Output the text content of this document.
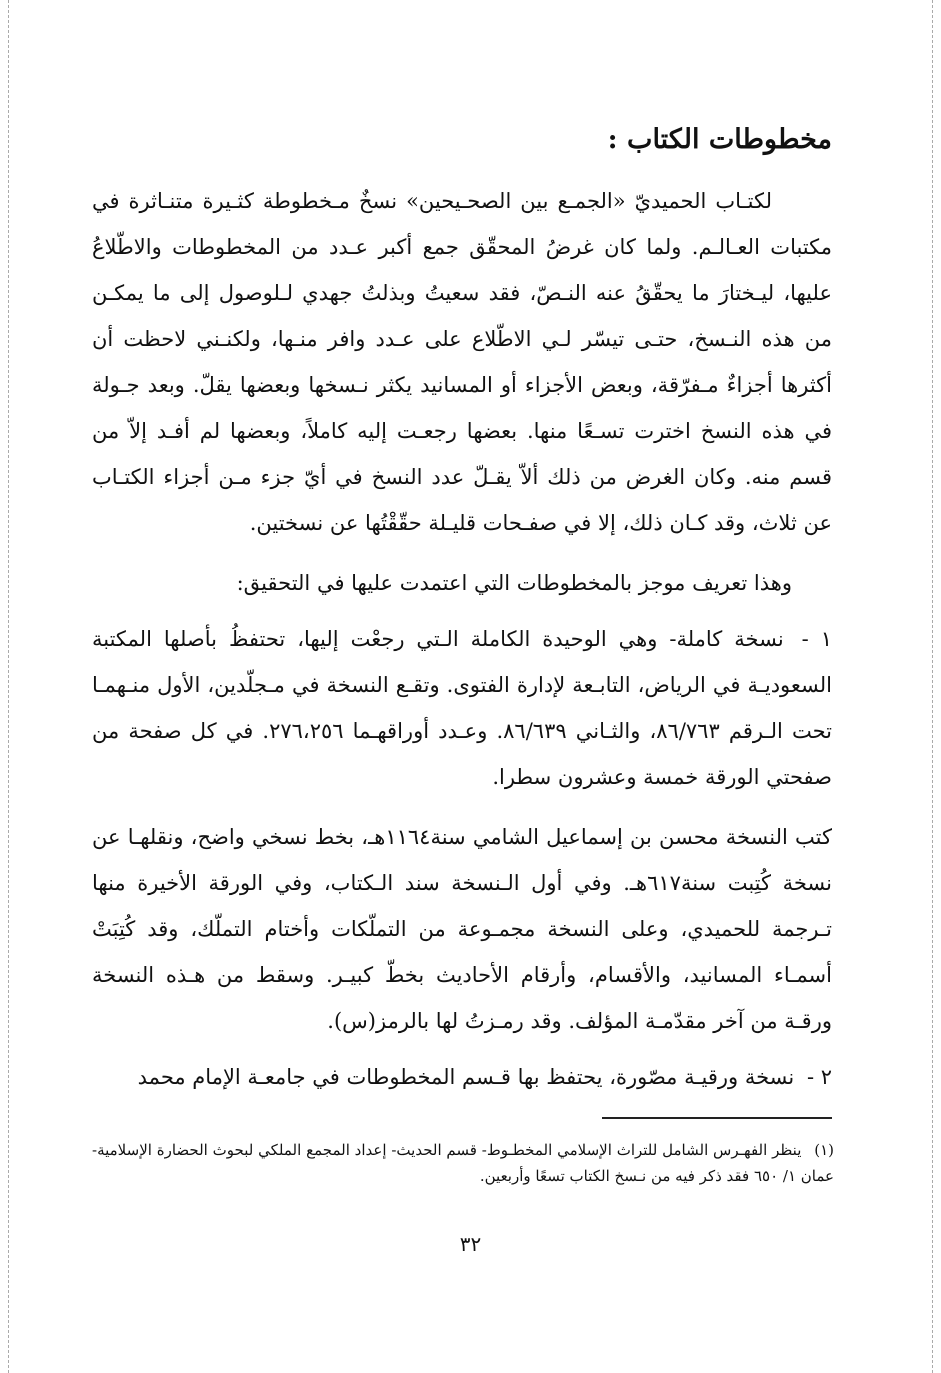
مخطوطات الكتاب :

لكتـاب الحميديّ «الجمـع بين الصحـيحين» نسخٌ مـخطوطة كثـيرة متنـاثرة في مكتبات العـالـم. ولما كان غرضُ المحقّق جمع أكبر عـدد من المخطوطات والاطّلاعُ عليها، ليـختارَ ما يحقّقُ عنه النـصّ، فقد سعيتُ وبذلتُ جهدي لـلوصول إلى ما يمكـن من هذه النـسخ، حتـى تيسّر لـي الاطّلاع على عـدد وافر منـها، ولكنـني لاحظت أن أكثرها أجزاءٌ مـفرّقة، وبعض الأجزاء أو المسانيد يكثر نـسخها وبعضها يقلّ. وبعد جـولة في هذه النسخ اخترت تسـعًا منها. بعضها رجعـت إليه كاملاً، وبعضها لم أفـد إلاّ من قسم منه. وكان الغرض من ذلك ألاّ يقـلّ عدد النسخ في أيّ جزء مـن أجزاء الكتـاب عن ثلاث، وقد كـان ذلك، إلا في صفـحات قليـلة حقّقْتُها عن نسختين.

وهذا تعريف موجز بالمخطوطات التي اعتمدت عليها في التحقيق:

١ - نسخة كاملة- وهي الوحيدة الكاملة الـتي رجعْت إليها، تحتفظُ بأصلها المكتبة السعوديـة في الرياض، التابـعة لإدارة الفتوى. وتقـع النسخة في مـجلّدين، الأول منـهمـا تحت الـرقم ٨٦/٧٦٣، والثـاني ٨٦/٦٣٩. وعـدد أوراقهـما ٢٧٦،٢٥٦. في كل صفحة من صفحتي الورقة خمسة وعشرون سطرا.

كتب النسخة محسن بن إسماعيل الشامي سنة١١٦٤هـ، بخط نسخي واضح، ونقلهـا عن نسخة كُتِبت سنة٦١٧هـ. وفي أول الـنسخة سند الـكتاب، وفي الورقة الأخيرة منها تـرجمة للحميدي، وعلى النسخة مجمـوعة من التملّكات وأختام التملّك، وقد كُتِبَتْ أسمـاء المسانيد، والأقسام، وأرقام الأحاديث بخطّ كبيـر. وسقط من هـذه النسخة ورقـة من آخر مقدّمـة المؤلف. وقد رمـزتُ لها بالرمز(س).

٢ - نسخة ورقيـة مصّورة، يحتفظ بها قـسم المخطوطات في جامعـة الإمام محمد

(١) ينظر الفهـرس الشامل للتراث الإسلامي المخطـوط- قسم الحديث- إعداد المجمع الملكي لبحوث الحضارة الإسلامية- عمان ١/ ٦٥٠ فقد ذكر فيه من نـسخ الكتاب تسعًا وأربعين.
٣٢
